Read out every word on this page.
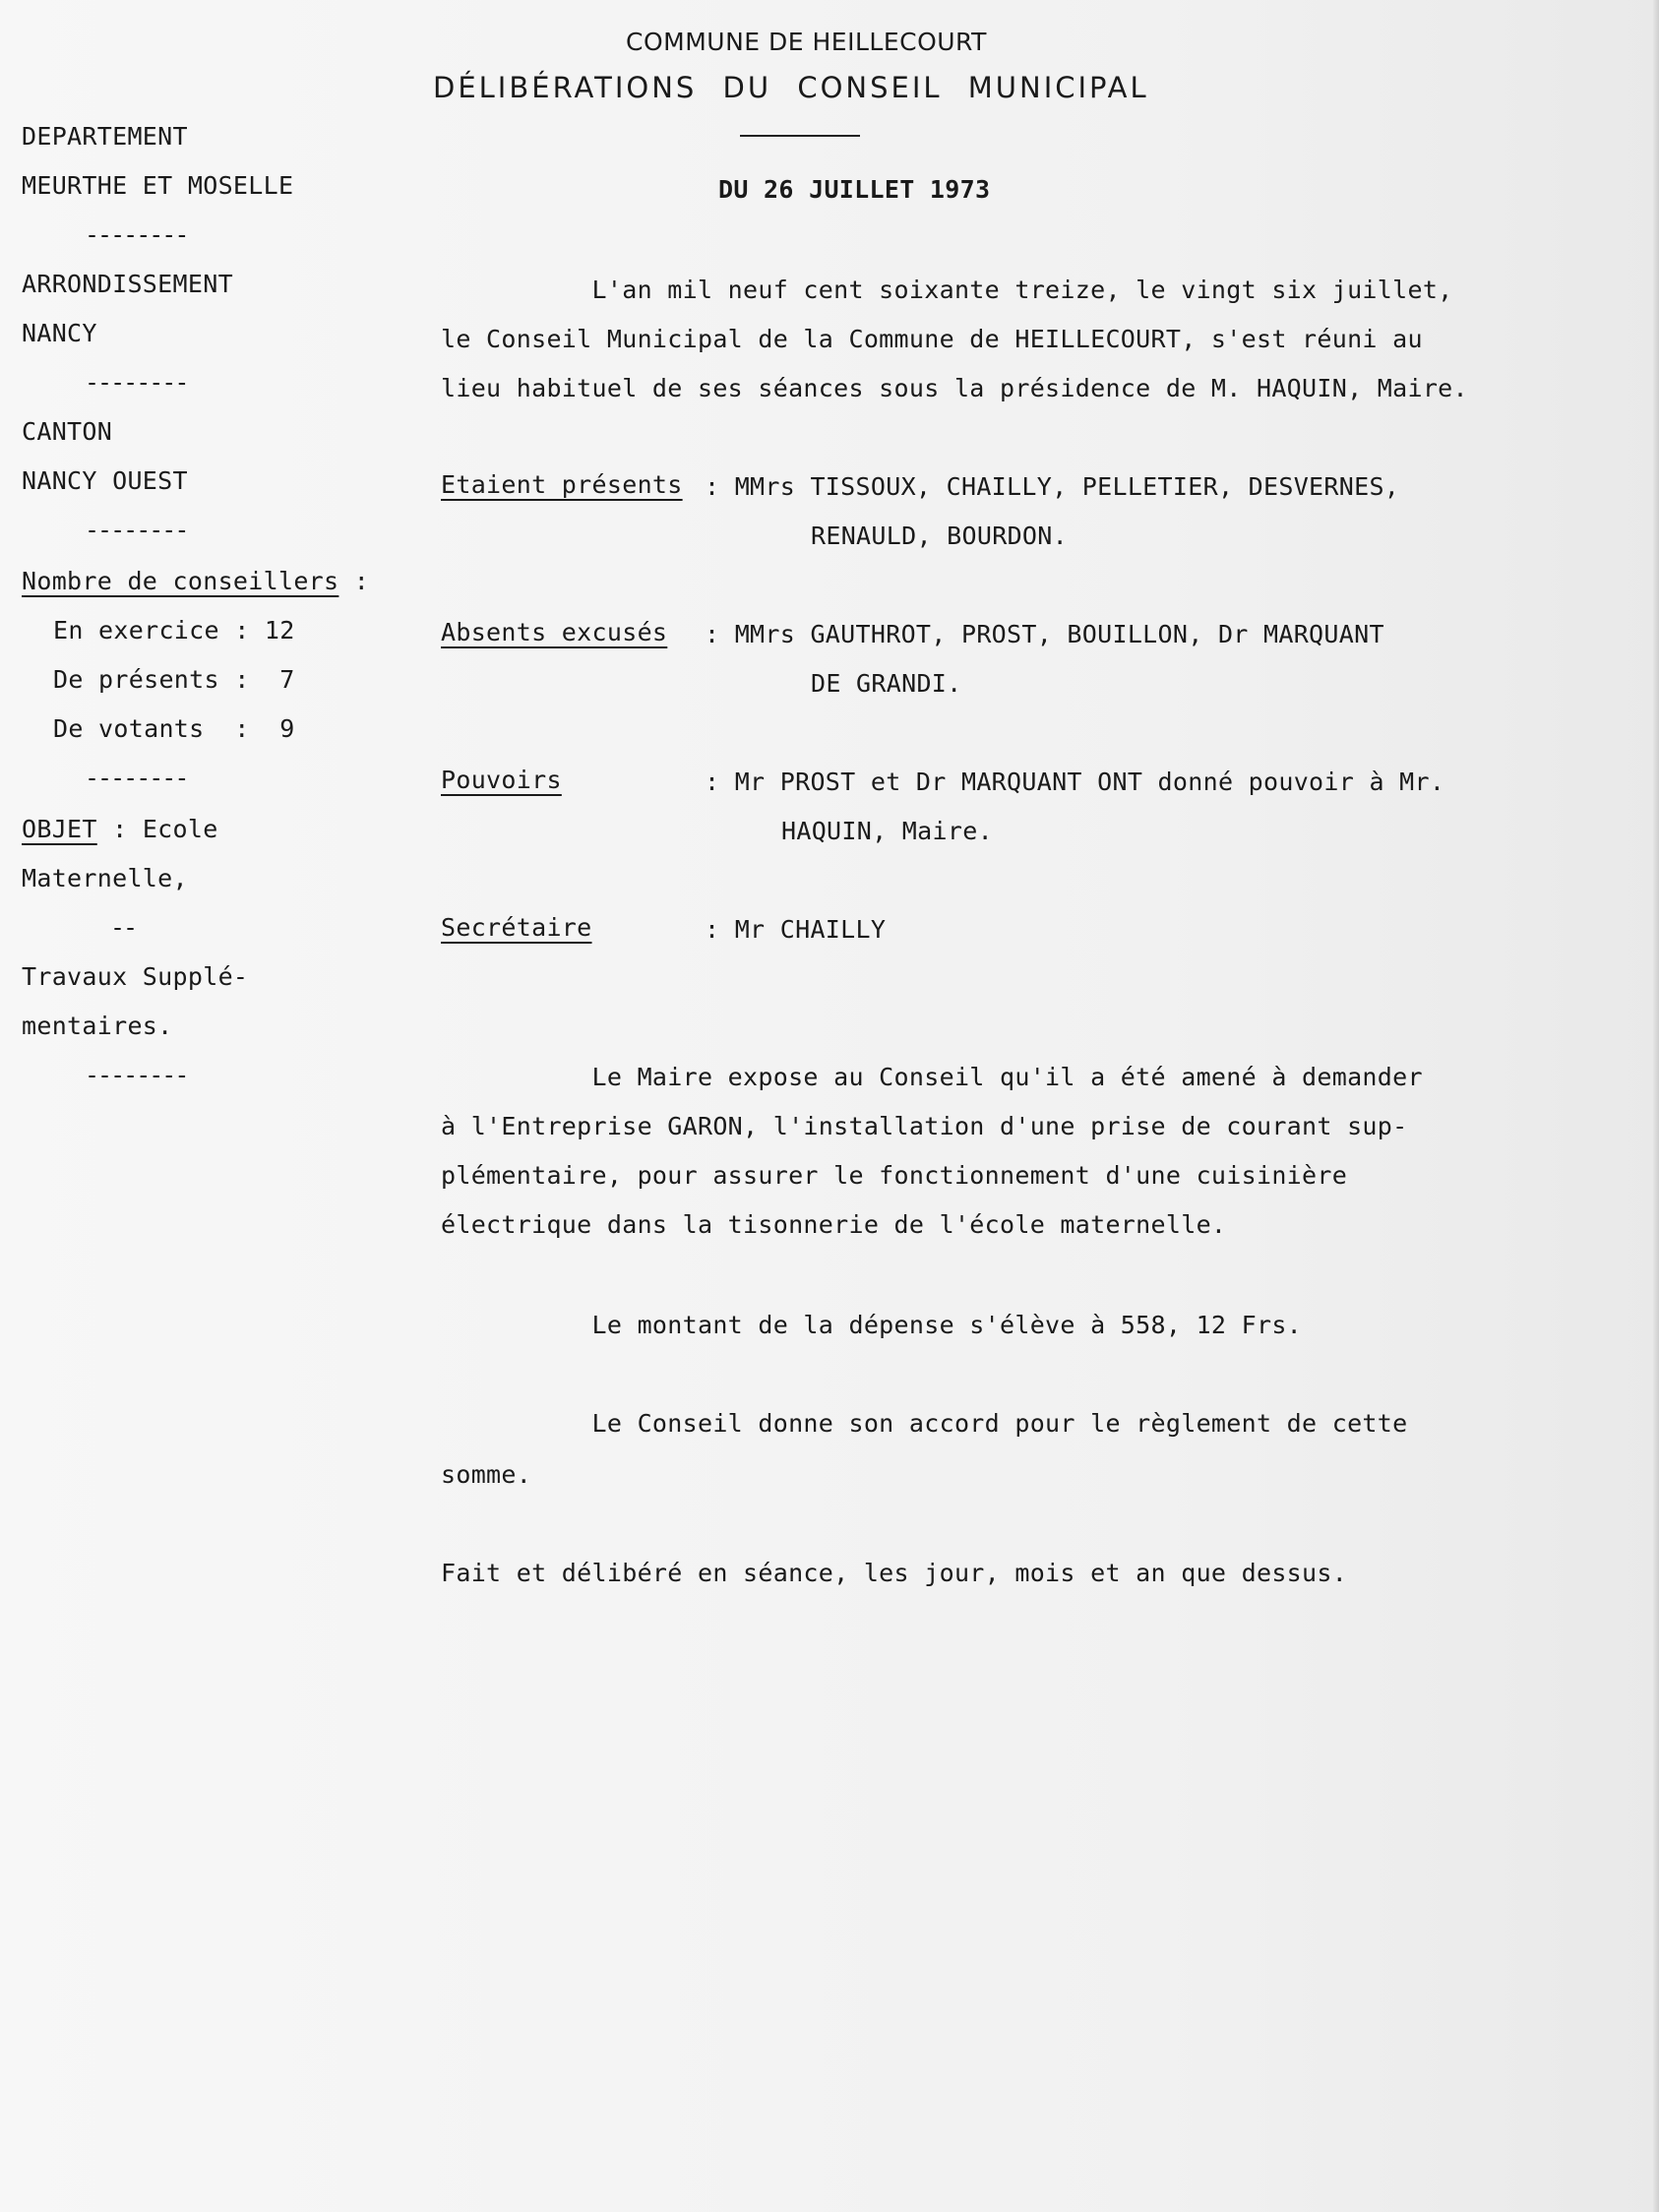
COMMUNE DE HEILLECOURT
DÉLIBÉRATIONS DU CONSEIL MUNICIPAL
DU 26 JUILLET 1973
DEPARTEMENT
MEURTHE ET MOSELLE
--------
ARRONDISSEMENT
NANCY
--------
CANTON
NANCY OUEST
--------
Nombre de conseillers :
En exercice : 12
De présents :  7
De votants  :  9
--------
OBJET : Ecole
Maternelle,
--
Travaux Supplé-
mentaires.
--------
L'an mil neuf cent soixante treize, le vingt six juillet,
le Conseil Municipal de la Commune de HEILLECOURT, s'est réuni au
lieu habituel de ses séances sous la présidence de M. HAQUIN, Maire.
Etaient présents : MMrs TISSOUX, CHAILLY, PELLETIER, DESVERNES,
RENAULD, BOURDON.
Absents excusés : MMrs GAUTHROT, PROST, BOUILLON, Dr MARQUANT
DE GRANDI.
Pouvoirs	: Mr PROST et Dr MARQUANT ONT donné pouvoir à Mr.
HAQUIN, Maire.
Secrétaire	: Mr CHAILLY
Le Maire expose au Conseil qu'il a été amené à demander
à l'Entreprise GARON, l'installation d'une prise de courant sup-
plémentaire, pour assurer le fonctionnement d'une cuisinière
électrique dans la tisonnerie de l'école maternelle.
Le montant de la dépense s'élève à 558, 12 Frs.
Le Conseil donne son accord pour le règlement de cette
somme.
Fait et délibéré en séance, les jour, mois et an que dessus.
